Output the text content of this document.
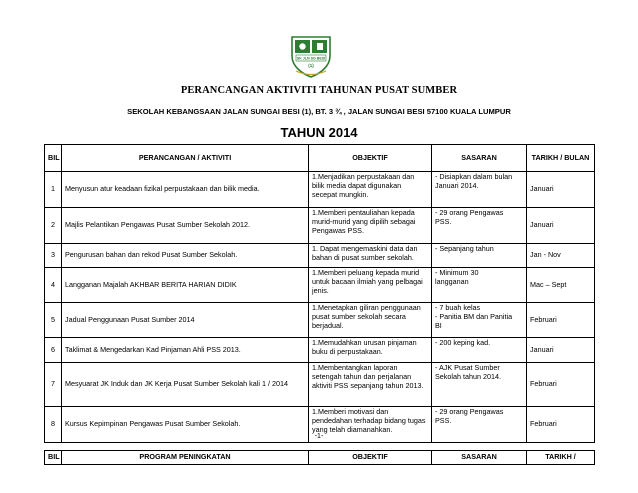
SK JLN SG BESI
(1)
PERANCANGAN AKTIVITI TAHUNAN PUSAT SUMBER
SEKOLAH KEBANGSAAN JALAN SUNGAI BESI (1), BT. 3 ¾ , JALAN SUNGAI BESI 57100 KUALA LUMPUR
TAHUN 2014
BIL	PERANCANGAN / AKTIVITI	OBJEKTIF	SASARAN	TARIKH / BULAN
1	Menyusun atur keadaan fizikal perpustakaan dan bilik media.	1.Menjadikan perpustakaan dan bilik media dapat digunakan secepat mungkin.	- Disiapkan dalam bulan
Januari 2014.	Januari
2	Majlis Pelantikan Pengawas Pusat Sumber Sekolah 2012.	1.Memberi pentauliahan kepada murid-murid yang dipilih sebagai Pengawas PSS.	- 29 orang Pengawas
PSS.	Januari
3	Pengurusan bahan dan rekod Pusat Sumber Sekolah.	1. Dapat mengemaskini data dan bahan di pusat sumber sekolah.	- Sepanjang tahun	Jan - Nov
4	Langganan Majalah AKHBAR BERITA HARIAN DIDIK	1.Memberi peluang kepada murid untuk bacaan ilmiah yang pelbagai jenis.	- Minimum 30
langganan	Mac – Sept
5	Jadual Penggunaan Pusat Sumber 2014	1.Menetapkan giliran penggunaan pusat sumber sekolah secara berjadual.	- 7 buah kelas
- Panitia BM dan Panitia
BI	Februari
6	Taklimat & Mengedarkan Kad Pinjaman Ahli PSS 2013.	1.Memudahkan urusan pinjaman buku di perpustakaan.	- 200 keping kad.	Januari
7	Mesyuarat JK Induk dan JK Kerja Pusat Sumber Sekolah kali 1 / 2014	1.Membentangkan laporan setengah tahun dan perjalanan aktiviti PSS sepanjang tahun 2013.	- AJK Pusat Sumber
Sekolah tahun 2014.	Februari
8	Kursus Kepimpinan Pengawas Pusat Sumber Sekolah.	1.Memberi motivasi dan pendedahan terhadap bidang tugas yang telah diamanahkan.	- 29 orang Pengawas
PSS.	Februari
-1-
BIL	PROGRAM PENINGKATAN	OBJEKTIF	SASARAN	TARIKH /
